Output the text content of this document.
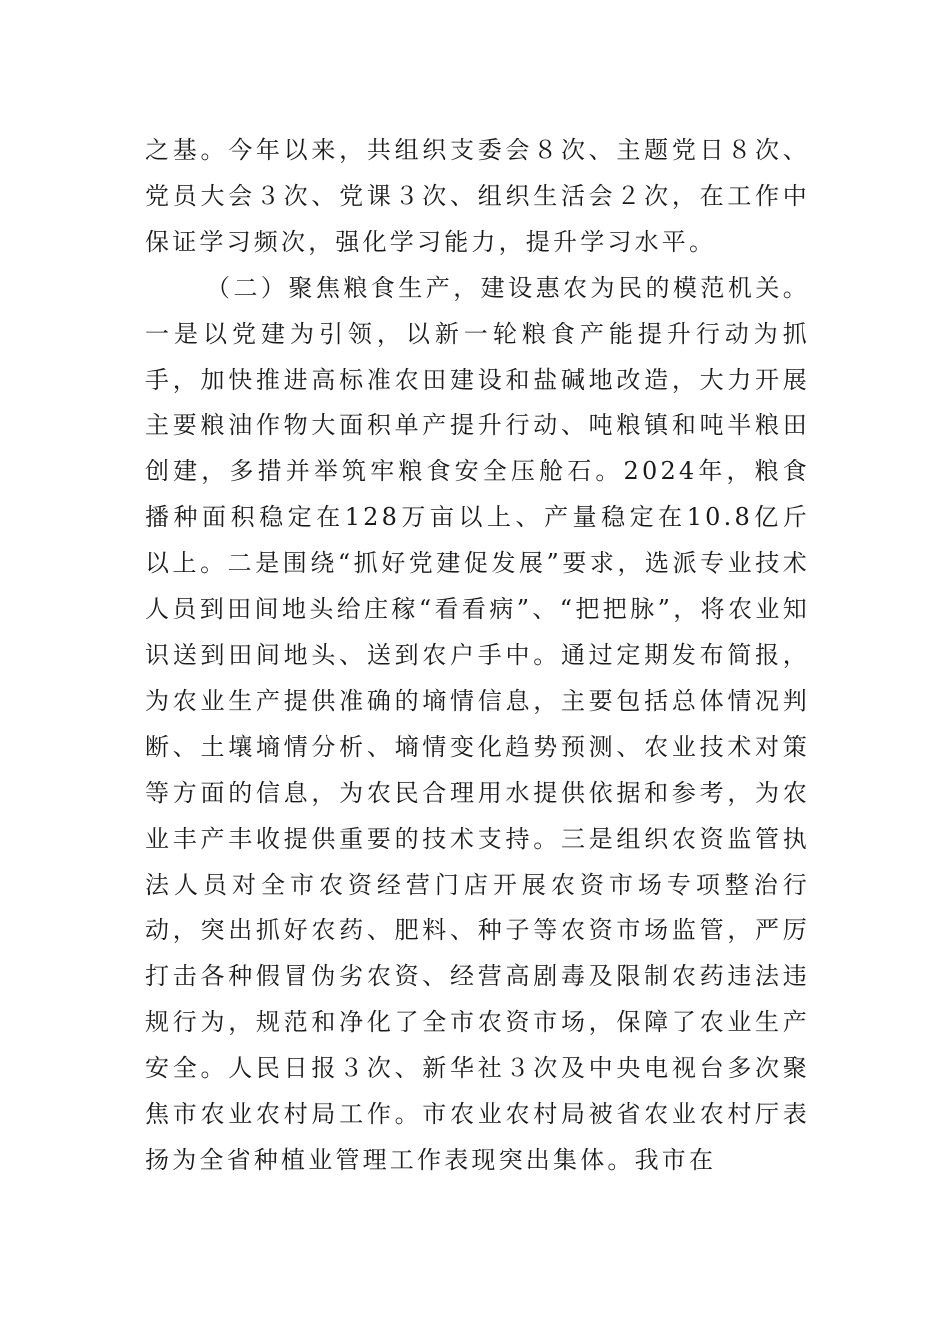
之基。今年以来，共组织支委会８次、主题党日８次、党员大会３次、党课３次、组织生活会２次，在工作中保证学习频次，强化学习能力，提升学习水平。

（二）聚焦粮食生产，建设惠农为民的模范机关。一是以党建为引领，以新一轮粮食产能提升行动为抓手，加快推进高标准农田建设和盐碱地改造，大力开展主要粮油作物大面积单产提升行动、吨粮镇和吨半粮田创建，多措并举筑牢粮食安全压舱石。2024年，粮食播种面积稳定在128万亩以上、产量稳定在10.8亿斤以上。二是围绕“抓好党建促发展”要求，选派专业技术人员到田间地头给庄稼“看看病”、“把把脉”，将农业知识送到田间地头、送到农户手中。通过定期发布简报，为农业生产提供准确的墒情信息，主要包括总体情况判断、土壤墒情分析、墒情变化趋势预测、农业技术对策等方面的信息，为农民合理用水提供依据和参考，为农业丰产丰收提供重要的技术支持。三是组织农资监管执法人员对全市农资经营门店开展农资市场专项整治行动，突出抓好农药、肥料、种子等农资市场监管，严厉打击各种假冒伪劣农资、经营高剧毒及限制农药违法违规行为，规范和净化了全市农资市场，保障了农业生产安全。人民日报３次、新华社３次及中央电视台多次聚焦市农业农村局工作。市农业农村局被省农业农村厅表扬为全省种植业管理工作表现突出集体。我市在
